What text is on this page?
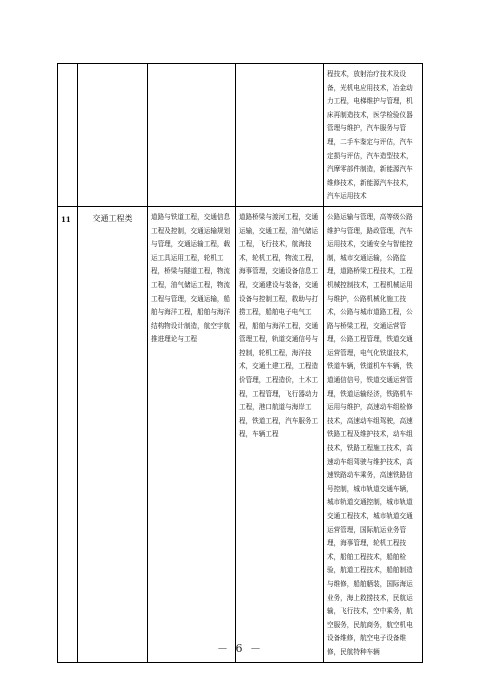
				程技术，放射治疗技术及设备，光机电应用技术，冶金动力工程，电梯维护与管理，机床再制造技术，医学检验仪器管理与维护，汽车服务与管理，二手车鉴定与评估，汽车定损与评估，汽车造型技术，汽摩零部件制造，新能源汽车维修技术，新能源汽车技术，汽车运用技术
11	交通工程类	道路与铁道工程，交通信息工程及控制，交通运输规划与管理，交通运输工程，载运工具运用工程，轮机工程，桥梁与隧道工程，物流工程，油气储运工程，物流工程与管理，交通运输，船舶与海洋工程，船舶与海洋结构物设计制造，航空宇航推进理论与工程	道路桥梁与渡河工程，交通运输，交通工程，油气储运工程，飞行技术，航海技术，轮机工程，物流工程，海事管理，交通设备信息工程，交通建设与装备，交通设备与控制工程，救助与打捞工程，船舶电子电气工程，船舶与海洋工程，交通管理工程，轨道交通信号与控制，轮机工程，海洋技术，交通土建工程，工程造价管理，工程造价，土木工程，工程管理，飞行器动力工程，港口航道与海岸工程，铁道工程，汽车服务工程，车辆工程	公路运输与管理，高等级公路维护与管理，路政管理，汽车运用技术，交通安全与智能控制，城市交通运输，公路监理，道路桥梁工程技术，工程机械控制技术，工程机械运用与维护，公路机械化施工技术，公路与城市道路工程，公路与桥梁工程，交通运营管理，公路工程管理，铁道交通运营管理，电气化铁道技术，铁道车辆，铁道机车车辆，铁道通信信号，铁道交通运营管理，铁道运输经济，铁路机车运用与维护，高速动车组检修技术，高速动车组驾驶，高速铁路工程及维护技术，动车组技术，铁路工程施工技术，高速动车组驾驶与维护技术，高速铁路动车乘务，高速铁路信号控制，城市轨道交通车辆，城市轨道交通控制，城市轨道交通工程技术，城市轨道交通运营管理，国际航运业务管理，海事管理，轮机工程技术，船舶工程技术，船舶检验，航道工程技术，船舶制造与维修，船舶舾装，国际海运业务，海上救捞技术，民航运输，飞行技术，空中乘务，航空服务，民航商务，航空机电设备维修，航空电子设备维修，民航特种车辆
－ 6 －
